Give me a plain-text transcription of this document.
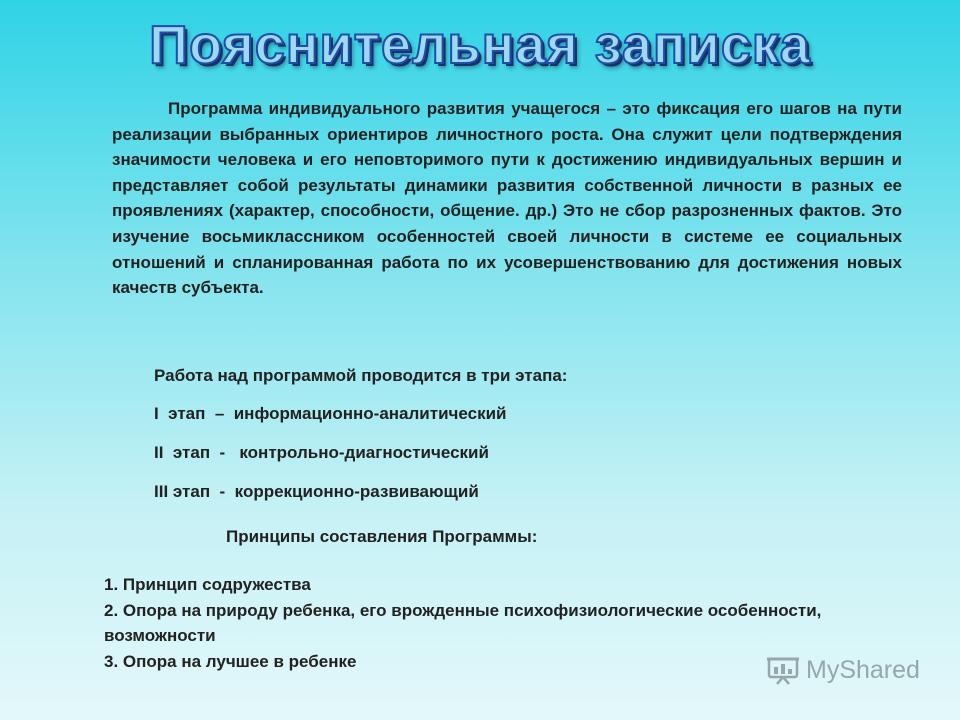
Пояснительная записка
Программа индивидуального развития учащегося – это фиксация его шагов на пути реализации выбранных ориентиров личностного роста. Она служит цели подтверждения значимости человека и его неповторимого пути к достижению индивидуальных вершин и представляет собой результаты динамики развития собственной личности в разных ее проявлениях (характер, способности, общение. др.) Это не сбор разрозненных фактов. Это изучение восьмиклассником особенностей своей личности в системе ее социальных отношений и спланированная работа по их усовершенствованию для достижения новых качеств субъекта.
Работа над программой проводится в три этапа:
I  этап  –  информационно-аналитический
II  этап  -   контрольно-диагностический
III этап  -  коррекционно-развивающий
Принципы составления Программы:
1. Принцип содружества
2. Опора на природу ребенка, его врожденные психофизиологические особенности, возможности
3. Опора на лучшее в ребенке	MyShared
